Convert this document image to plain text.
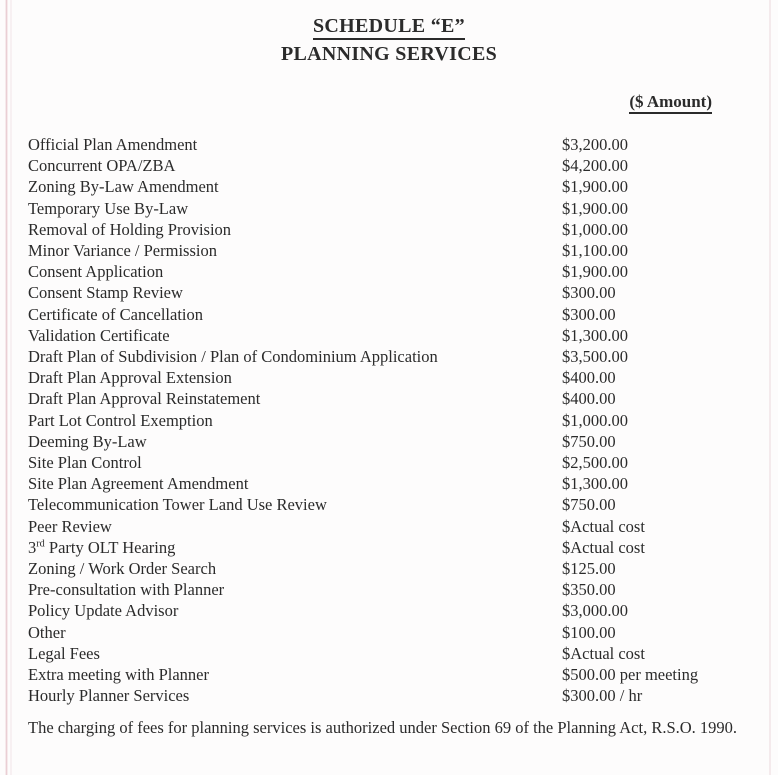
SCHEDULE “E”
PLANNING SERVICES
($ Amount)
Official Plan Amendment	$3,200.00
Concurrent OPA/ZBA	$4,200.00
Zoning By-Law Amendment	$1,900.00
Temporary Use By-Law	$1,900.00
Removal of Holding Provision	$1,000.00
Minor Variance / Permission	$1,100.00
Consent Application	$1,900.00
Consent Stamp Review	$300.00
Certificate of Cancellation	$300.00
Validation Certificate	$1,300.00
Draft Plan of Subdivision / Plan of Condominium Application	$3,500.00
Draft Plan Approval Extension	$400.00
Draft Plan Approval Reinstatement	$400.00
Part Lot Control Exemption	$1,000.00
Deeming By-Law	$750.00
Site Plan Control	$2,500.00
Site Plan Agreement Amendment	$1,300.00
Telecommunication Tower Land Use Review	$750.00
Peer Review	$Actual cost
3rd Party OLT Hearing	$Actual cost
Zoning / Work Order Search	$125.00
Pre-consultation with Planner	$350.00
Policy Update Advisor	$3,000.00
Other	$100.00
Legal Fees	$Actual cost
Extra meeting with Planner	$500.00 per meeting
Hourly Planner Services	$300.00 / hr
The charging of fees for planning services is authorized under Section 69 of the Planning Act, R.S.O. 1990.
